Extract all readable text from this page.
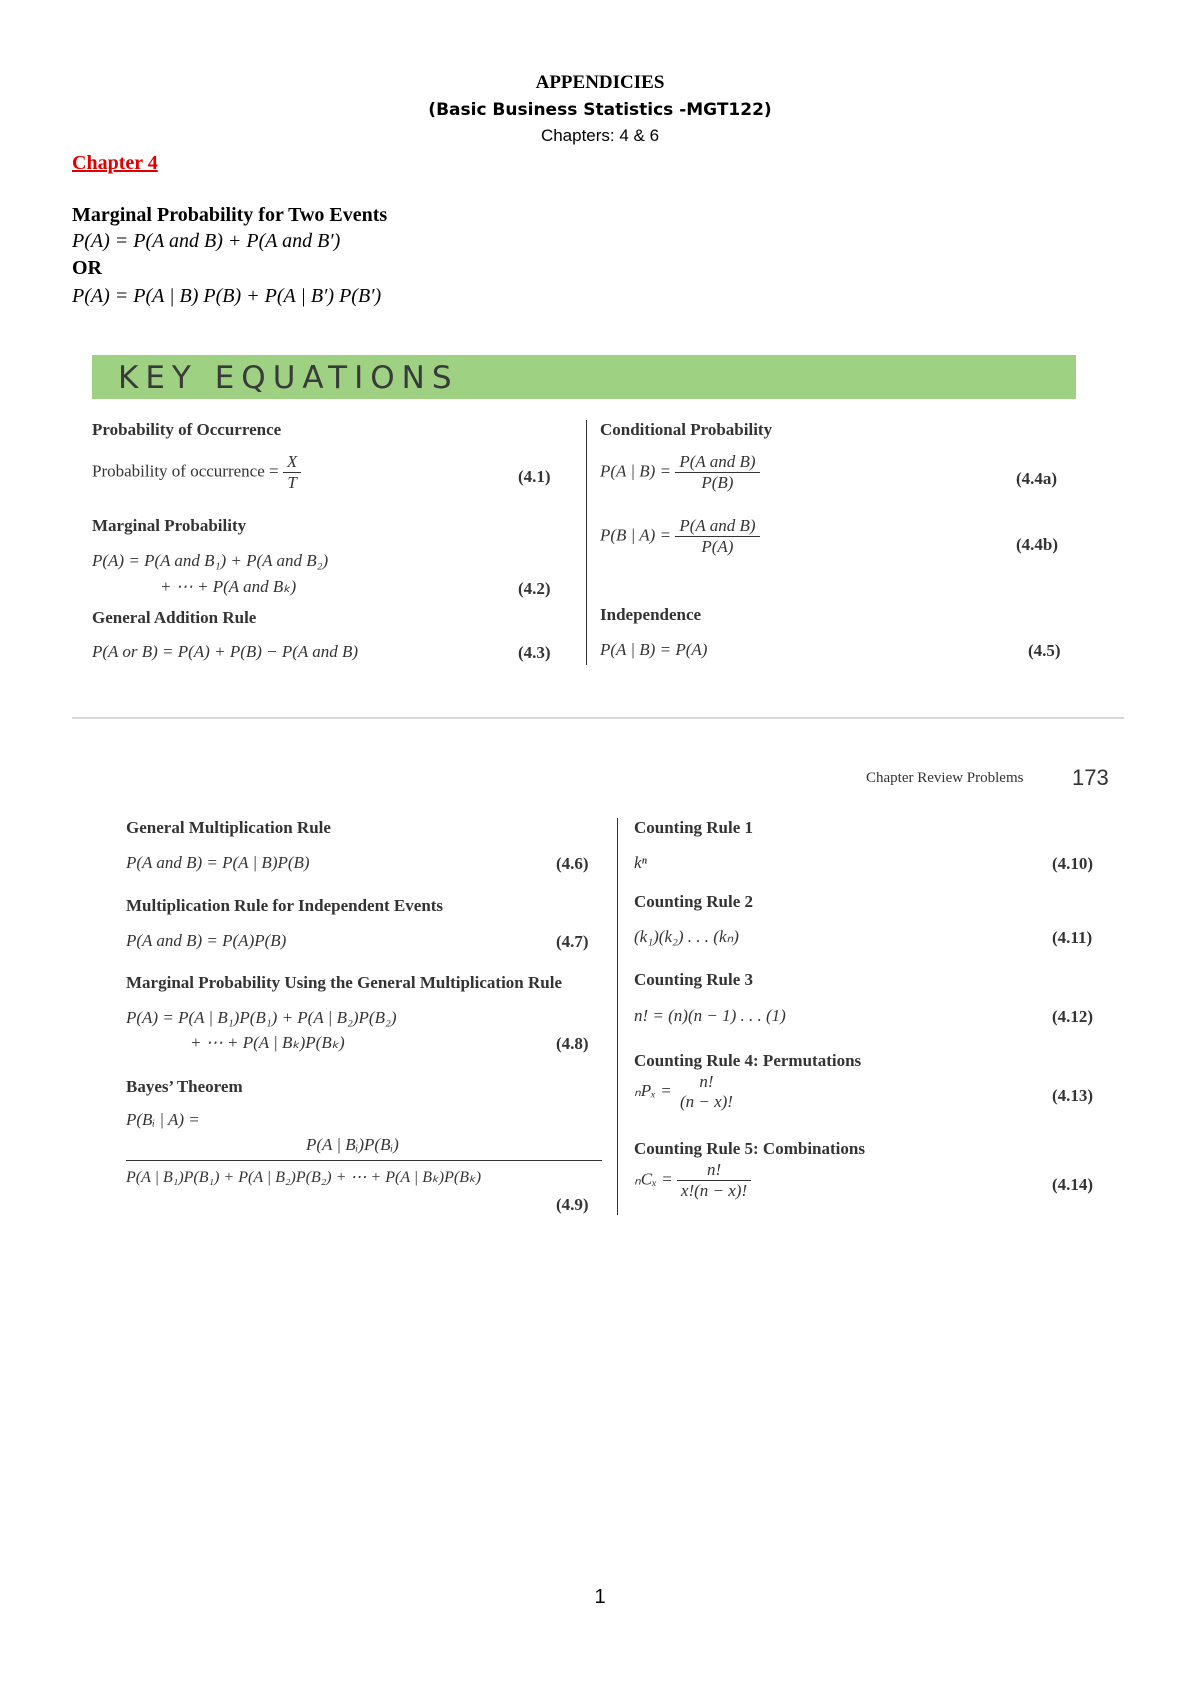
APPENDICIES
(Basic Business Statistics -MGT122)
Chapters: 4 & 6
Chapter 4
Marginal Probability for Two Events
P(A) = P(A and B) + P(A and B′)
OR
P(A) = P(A | B) P(B) + P(A | B′) P(B′)
KEY EQUATIONS
Probability of Occurrence
Probability of occurrence = $\frac{X}{T}$	(4.1)
Marginal Probability
P(A) = P(A and B₁) + P(A and B₂)
+ ⋯ + P(A and Bₖ)	(4.2)
General Addition Rule
P(A or B) = P(A) + P(B) − P(A and B)	(4.3)
Conditional Probability
P(A | $B) = \frac{\text{P(A and B)}}{P(B)}$	(4.4a)
P(B | $A) = \frac{\text{P(A and B)}}{P(A)}$	(4.4b)
Independence
P(A | B) = P(A)	(4.5)
Chapter Review Problems 173
General Multiplication Rule
P(A and B) = P(A | B)P(B)	(4.6)
Multiplication Rule for Independent Events
P(A and B) = P(A)P(B)	(4.7)
Marginal Probability Using the General Multiplication Rule
P(A) = P(A | B₁)P(B₁) + P(A | B₂)P(B₂)
+ ⋯ + P(A | Bₖ)P(Bₖ)	(4.8)
Bayes’ Theorem
P(Bᵢ | A) =
P(A | Bᵢ)P(Bᵢ)
P(A | B₁)P(B₁) + P(A | B₂)P(B₂) + ⋯ + P(A | Bₖ)P(Bₖ)
(4.9)
Counting Rule 1
kⁿ	(4.10)
Counting Rule 2
(k₁)(k₂) . . . (kₙ)	(4.11)
Counting Rule 3
n! = (n)(n − 1) . . . (1)	(4.12)
Counting Rule 4: Permutations
ₙPₓ =	n!
(n − x)!	(4.13)
Counting Rule 5: Combinations
$_nC_x = \frac{n!}{x!(n - x)!}$	(4.14)
1
